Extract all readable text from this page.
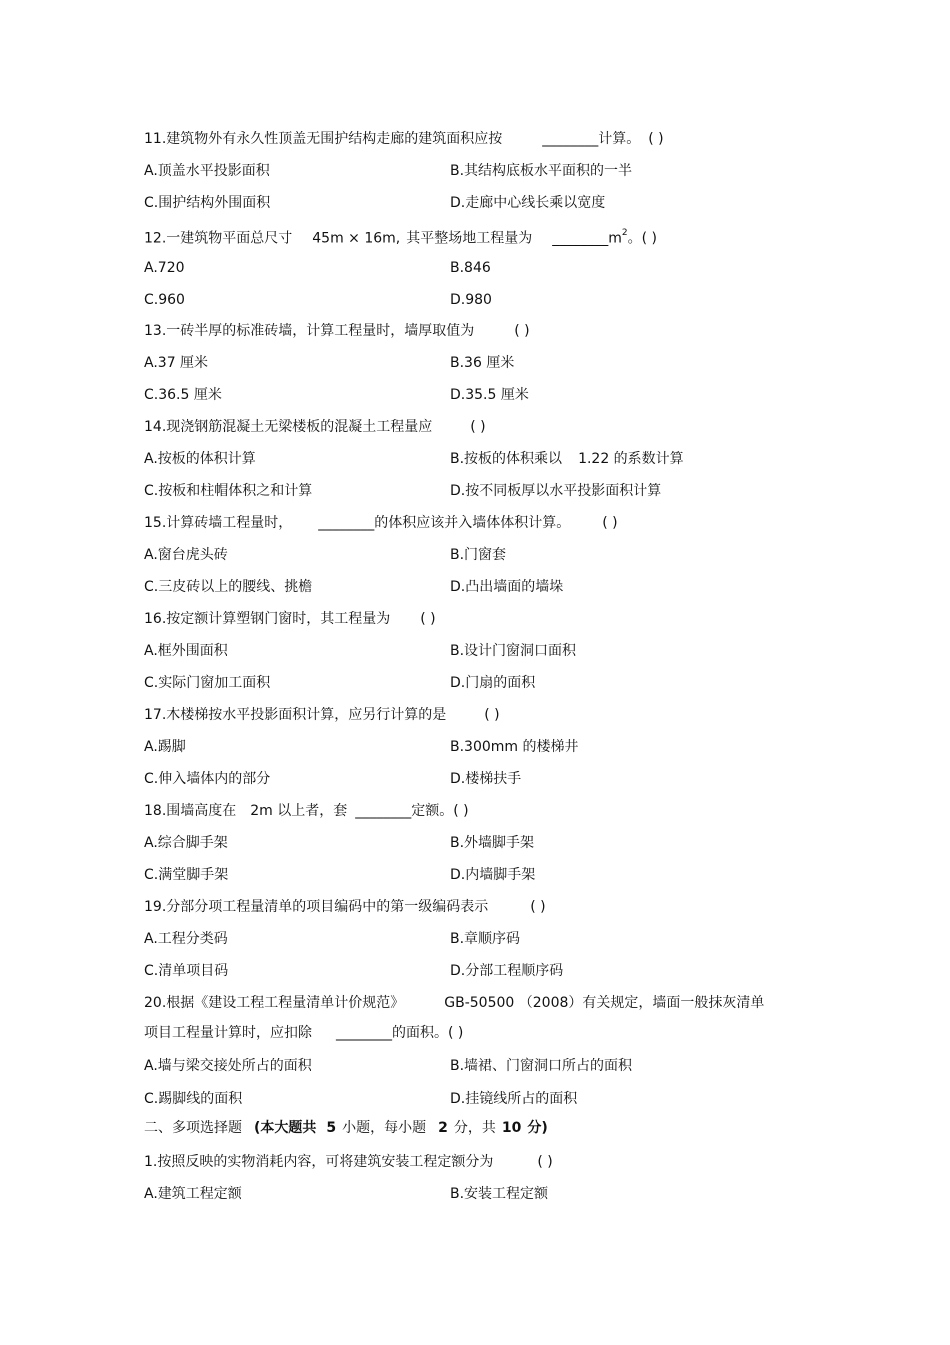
11.建筑物外有永久性顶盖无围护结构走廊的建筑面积应按	________计算。 ( )
A.顶盖水平投影面积	B.其结构底板水平面积的一半
C.围护结构外围面积	D.走廊中心线长乘以宽度
12.一建筑物平面总尺寸 45m × 16m, 其平整场地工程量为 $\_\_\_\_\_\_\_\_m^2$。( )
A.720	B.846
C.960	D.980
13.一砖半厚的标准砖墙，计算工程量时，墙厚取值为	( )
A.37 厘米	B.36 厘米
C.36.5 厘米	D.35.5 厘米
14.现浇钢筋混凝土无梁楼板的混凝土工程量应	( )
A.按板的体积计算	B.按板的体积乘以 1.22 的系数计算
C.按板和柱帽体积之和计算	D.按不同板厚以水平投影面积计算
15.计算砖墙工程量时， ________的体积应该并入墙体体积计算。 ( )
A.窗台虎头砖	B.门窗套
C.三皮砖以上的腰线、挑檐	D.凸出墙面的墙垛
16.按定额计算塑钢门窗时，其工程量为 ( )
A.框外围面积	B.设计门窗洞口面积
C.实际门窗加工面积	D.门扇的面积
17.木楼梯按水平投影面积计算，应另行计算的是	( )
A.踢脚	B.300mm 的楼梯井
C.伸入墙体内的部分	D.楼梯扶手
18.围墙高度在 2m 以上者，套 ________定额。( )
A.综合脚手架	B.外墙脚手架
C.满堂脚手架	D.内墙脚手架
19.分部分项工程量清单的项目编码中的第一级编码表示	( )
A.工程分类码	B.章顺序码
C.清单项目码	D.分部工程顺序码
20.根据《建设工程工程量清单计价规范》	GB-50500 （2008）有关规定，墙面一般抹灰清单
项目工程量计算时，应扣除 ________的面积。( )
A.墙与梁交接处所占的面积	B.墙裙、门窗洞口所占的面积
C.踢脚线的面积	D.挂镜线所占的面积
二、多项选择题 (本大题共 5 小题，每小题 2 分，共 10 分)
1.按照反映的实物消耗内容，可将建筑安装工程定额分为	( )
A.建筑工程定额	B.安装工程定额
